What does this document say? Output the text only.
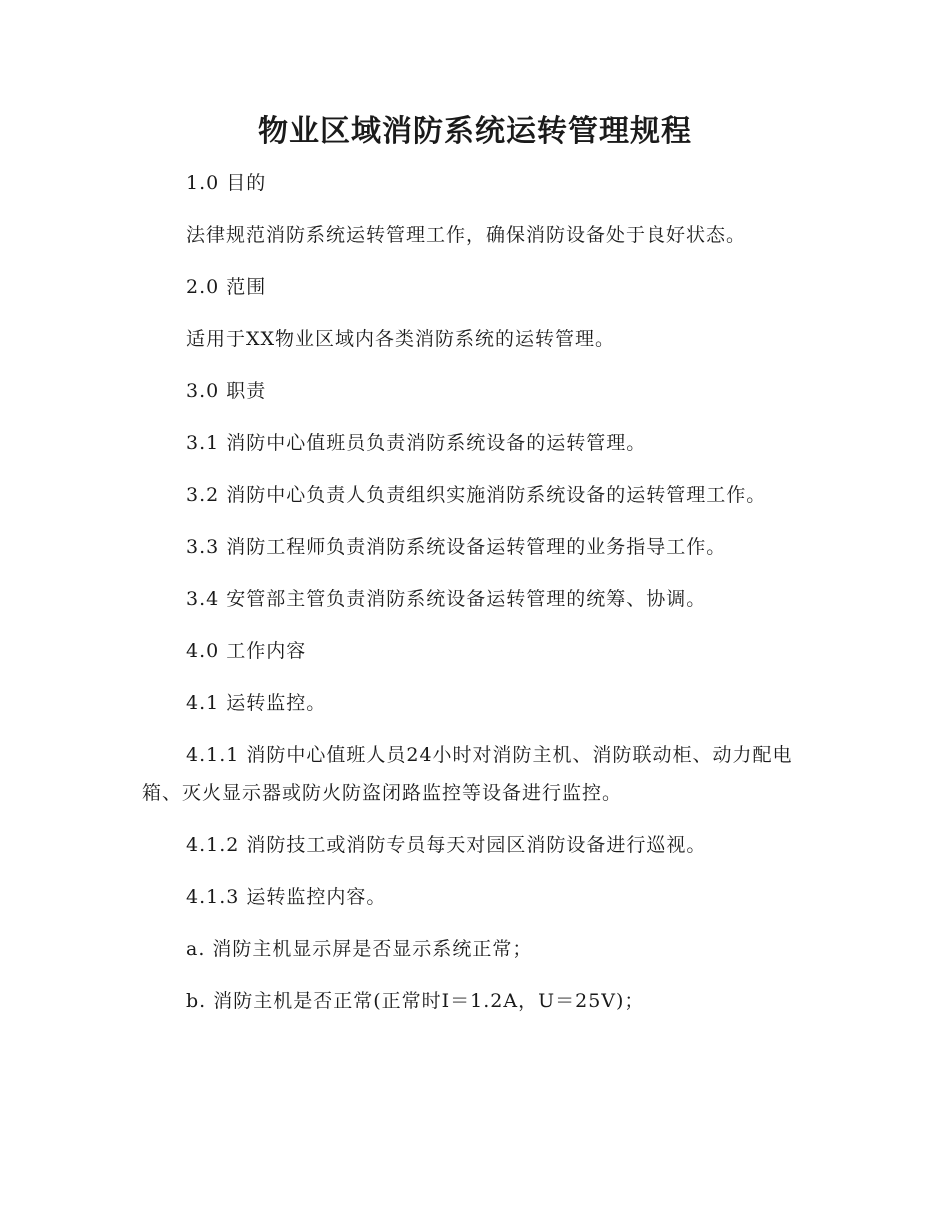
物业区域消防系统运转管理规程

1.0 目的

法律规范消防系统运转管理工作，确保消防设备处于良好状态。

2.0 范围

适用于XX物业区域内各类消防系统的运转管理。

3.0 职责

3.1 消防中心值班员负责消防系统设备的运转管理。

3.2 消防中心负责人负责组织实施消防系统设备的运转管理工作。

3.3 消防工程师负责消防系统设备运转管理的业务指导工作。

3.4 安管部主管负责消防系统设备运转管理的统筹、协调。

4.0 工作内容

4.1 运转监控。

4.1.1 消防中心值班人员24小时对消防主机、消防联动柜、动力配电箱、灭火显示器或防火防盗闭路监控等设备进行监控。

4.1.2 消防技工或消防专员每天对园区消防设备进行巡视。

4.1.3 运转监控内容。

a. 消防主机显示屏是否显示系统正常；

b. 消防主机是否正常(正常时I＝1.2A，U＝25V)；
